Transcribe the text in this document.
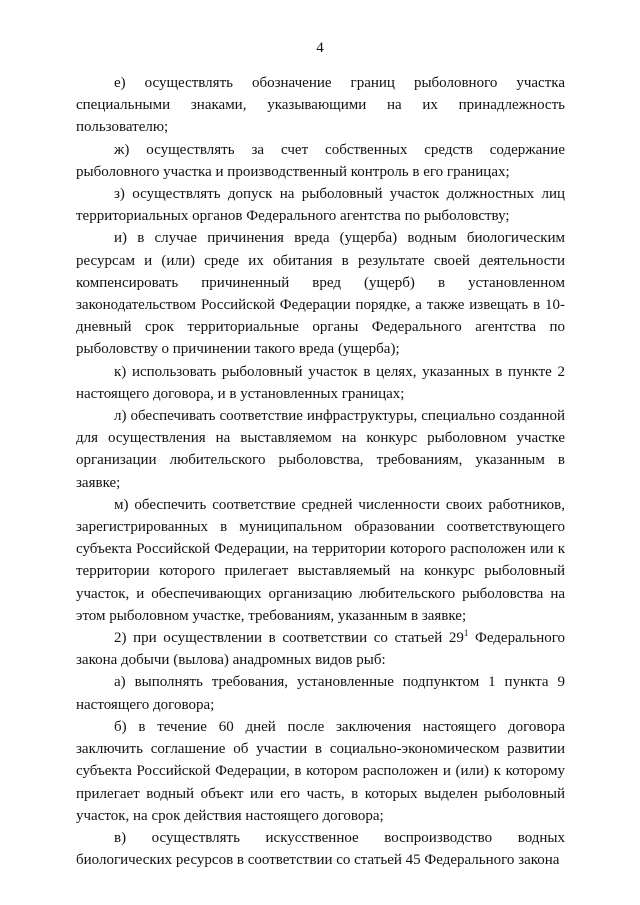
4

е) осуществлять обозначение границ рыболовного участка специальными знаками, указывающими на их принадлежность пользователю;

ж) осуществлять за счет собственных средств содержание рыболовного участка и производственный контроль в его границах;

з) осуществлять допуск на рыболовный участок должностных лиц территориальных органов Федерального агентства по рыболовству;

и) в случае причинения вреда (ущерба) водным биологическим ресурсам и (или) среде их обитания в результате своей деятельности компенсировать причиненный вред (ущерб) в установленном законодательством Российской Федерации порядке, а также извещать в 10-дневный срок территориальные органы Федерального агентства по рыболовству о причинении такого вреда (ущерба);

к) использовать рыболовный участок в целях, указанных в пункте 2 настоящего договора, и в установленных границах;

л) обеспечивать соответствие инфраструктуры, специально созданной для осуществления на выставляемом на конкурс рыболовном участке организации любительского рыболовства, требованиям, указанным в заявке;

м) обеспечить соответствие средней численности своих работников, зарегистрированных в муниципальном образовании соответствующего субъекта Российской Федерации, на территории которого расположен или к территории которого прилегает выставляемый на конкурс рыболовный участок, и обеспечивающих организацию любительского рыболовства на этом рыболовном участке, требованиям, указанным в заявке;

2) при осуществлении в соответствии со статьей $29^1$ Федерального закона добычи (вылова) анадромных видов рыб:

а) выполнять требования, установленные подпунктом 1 пункта 9 настоящего договора;

б) в течение 60 дней после заключения настоящего договора заключить соглашение об участии в социально-экономическом развитии субъекта Российской Федерации, в котором расположен и (или) к которому прилегает водный объект или его часть, в которых выделен рыболовный участок, на срок действия настоящего договора;

в) осуществлять искусственное воспроизводство водных биологических ресурсов в соответствии со статьей 45 Федерального закона
